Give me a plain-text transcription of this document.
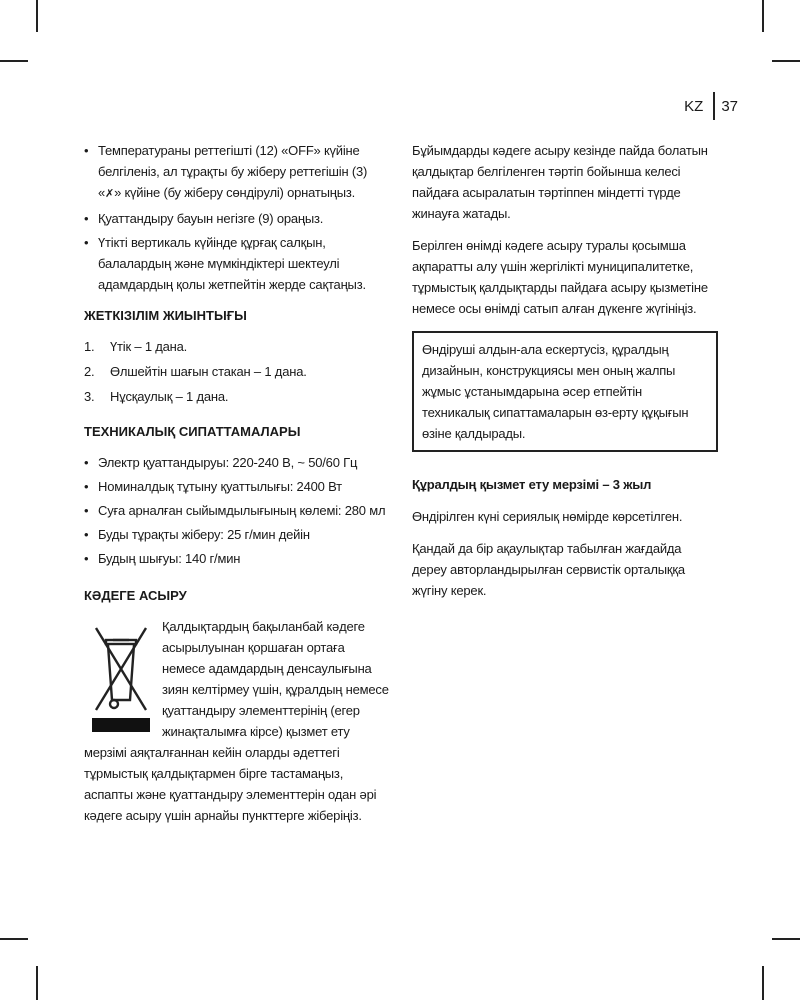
KZ 37
• Температураны реттегішті (12) «OFF» күйіне белгіленіз, ал тұрақты бу жіберу реттегішін (3) «✗» күйіне (бу жіберу сөндірулі) орнатыңыз.
• Қуаттандыру бауын негізге (9) ораңыз.
• Үтікті вертикаль күйінде құрғақ салқын, балалардың және мүмкіндіктері шектеулі адамдардың қолы жетпейтін жерде сақтаңыз.
ЖЕТКІЗІЛІМ ЖИЫНТЫҒЫ
1.	Үтік – 1 дана.
2.	Өлшейтін шағын стакан – 1 дана.
3.	Нұсқаулық – 1 дана.
ТЕХНИКАЛЫҚ СИПАТТАМАЛАРЫ
• Электр қуаттандыруы: 220-240 В, ~ 50/60 Гц
• Номиналдық тұтыну қуаттылығы: 2400 Вт
• Суға арналған сыйымдылығының көлемі: 280 мл
• Буды тұрақты жіберу: 25 г/мин дейін
• Будың шығуы: 140 г/мин
КӘДЕГЕ АСЫРУ

Қалдықтардың бақыланбай кәдеге асырылуынан қоршаған ортаға немесе адамдардың денсаулығына зиян келтірмеу үшін, құралдың немесе қуаттандыру элементтерінің (егер жинақталымға кірсе) қызмет ету мерзімі аяқталғаннан кейін оларды әдеттегі тұрмыстық қалдықтармен бірге тастамаңыз, аспапты және қуаттандыру элементтерін одан әрі кәдеге асыру үшін арнайы пункттерге жіберіңіз.

Бұйымдарды кәдеге асыру кезінде пайда болатын қалдықтар белгіленген тәртіп бойынша келесі пайдаға асыралатын тәртіппен міндетті түрде жинауға жатады.

Берілген өнімді кәдеге асыру туралы қосымша ақпаратты алу үшін жергілікті муниципалитетке, тұрмыстық қалдықтарды пайдаға асыру қызметіне немесе осы өнімді сатып алған дүкенге жүгініңіз.

Өндіруші алдын-ала ескертусіз, құралдың дизайнын, конструкциясы мен оның жалпы жұмыс ұстанымдарына әсер етпейтін техникалық сипаттамаларын өз-ерту құқығын өзіне қалдырады.

Құралдың қызмет ету мерзімі – 3 жыл

Өндірілген күні сериялық нөмірде көрсетілген.

Қандай да бір ақаулықтар табылған жағдайда дереу авторландырылған сервистік орталыққа жүгіну керек.
